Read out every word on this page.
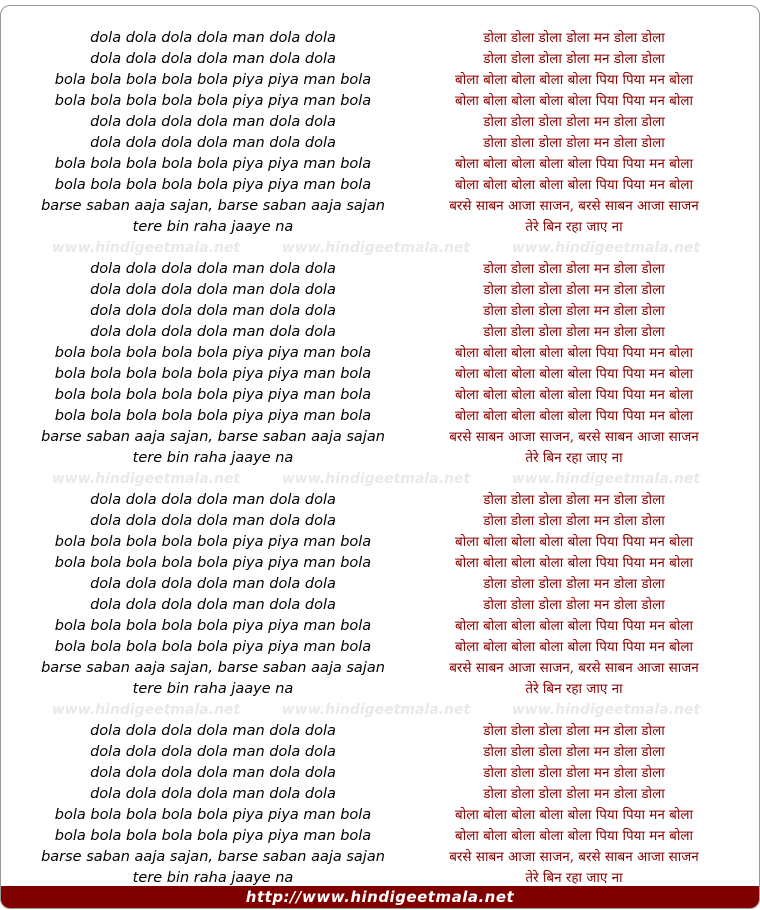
dola dola dola dola man dola dola	डोला डोला डोला डोला मन डोला डोला
dola dola dola dola man dola dola	डोला डोला डोला डोला मन डोला डोला
bola bola bola bola bola piya piya man bola	बोला बोला बोला बोला बोला पिया पिया मन बोला
bola bola bola bola bola piya piya man bola	बोला बोला बोला बोला बोला पिया पिया मन बोला
dola dola dola dola man dola dola	डोला डोला डोला डोला मन डोला डोला
dola dola dola dola man dola dola	डोला डोला डोला डोला मन डोला डोला
bola bola bola bola bola piya piya man bola	बोला बोला बोला बोला बोला पिया पिया मन बोला
bola bola bola bola bola piya piya man bola	बोला बोला बोला बोला बोला पिया पिया मन बोला
barse saban aaja sajan, barse saban aaja sajan	बरसे साबन आजा साजन, बरसे साबन आजा साजन
tere bin raha jaaye na	तेरे बिन रहा जाए ना
www.hindigeetmala.net	www.hindigeetmala.net	www.hindigeetmala.net
dola dola dola dola man dola dola	डोला डोला डोला डोला मन डोला डोला
dola dola dola dola man dola dola	डोला डोला डोला डोला मन डोला डोला
dola dola dola dola man dola dola	डोला डोला डोला डोला मन डोला डोला
dola dola dola dola man dola dola	डोला डोला डोला डोला मन डोला डोला
bola bola bola bola bola piya piya man bola	बोला बोला बोला बोला बोला पिया पिया मन बोला
bola bola bola bola bola piya piya man bola	बोला बोला बोला बोला बोला पिया पिया मन बोला
bola bola bola bola bola piya piya man bola	बोला बोला बोला बोला बोला पिया पिया मन बोला
bola bola bola bola bola piya piya man bola	बोला बोला बोला बोला बोला पिया पिया मन बोला
barse saban aaja sajan, barse saban aaja sajan	बरसे साबन आजा साजन, बरसे साबन आजा साजन
tere bin raha jaaye na	तेरे बिन रहा जाए ना
www.hindigeetmala.net	www.hindigeetmala.net	www.hindigeetmala.net
dola dola dola dola man dola dola	डोला डोला डोला डोला मन डोला डोला
dola dola dola dola man dola dola	डोला डोला डोला डोला मन डोला डोला
bola bola bola bola bola piya piya man bola	बोला बोला बोला बोला बोला पिया पिया मन बोला
bola bola bola bola bola piya piya man bola	बोला बोला बोला बोला बोला पिया पिया मन बोला
dola dola dola dola man dola dola	डोला डोला डोला डोला मन डोला डोला
dola dola dola dola man dola dola	डोला डोला डोला डोला मन डोला डोला
bola bola bola bola bola piya piya man bola	बोला बोला बोला बोला बोला पिया पिया मन बोला
bola bola bola bola bola piya piya man bola	बोला बोला बोला बोला बोला पिया पिया मन बोला
barse saban aaja sajan, barse saban aaja sajan	बरसे साबन आजा साजन, बरसे साबन आजा साजन
tere bin raha jaaye na	तेरे बिन रहा जाए ना
www.hindigeetmala.net	www.hindigeetmala.net	www.hindigeetmala.net
dola dola dola dola man dola dola	डोला डोला डोला डोला मन डोला डोला
dola dola dola dola man dola dola	डोला डोला डोला डोला मन डोला डोला
dola dola dola dola man dola dola	डोला डोला डोला डोला मन डोला डोला
dola dola dola dola man dola dola	डोला डोला डोला डोला मन डोला डोला
bola bola bola bola bola piya piya man bola	बोला बोला बोला बोला बोला पिया पिया मन बोला
bola bola bola bola bola piya piya man bola	बोला बोला बोला बोला बोला पिया पिया मन बोला
barse saban aaja sajan, barse saban aaja sajan	बरसे साबन आजा साजन, बरसे साबन आजा साजन
tere bin raha jaaye na	तेरे बिन रहा जाए ना
http://www.hindigeetmala.net
